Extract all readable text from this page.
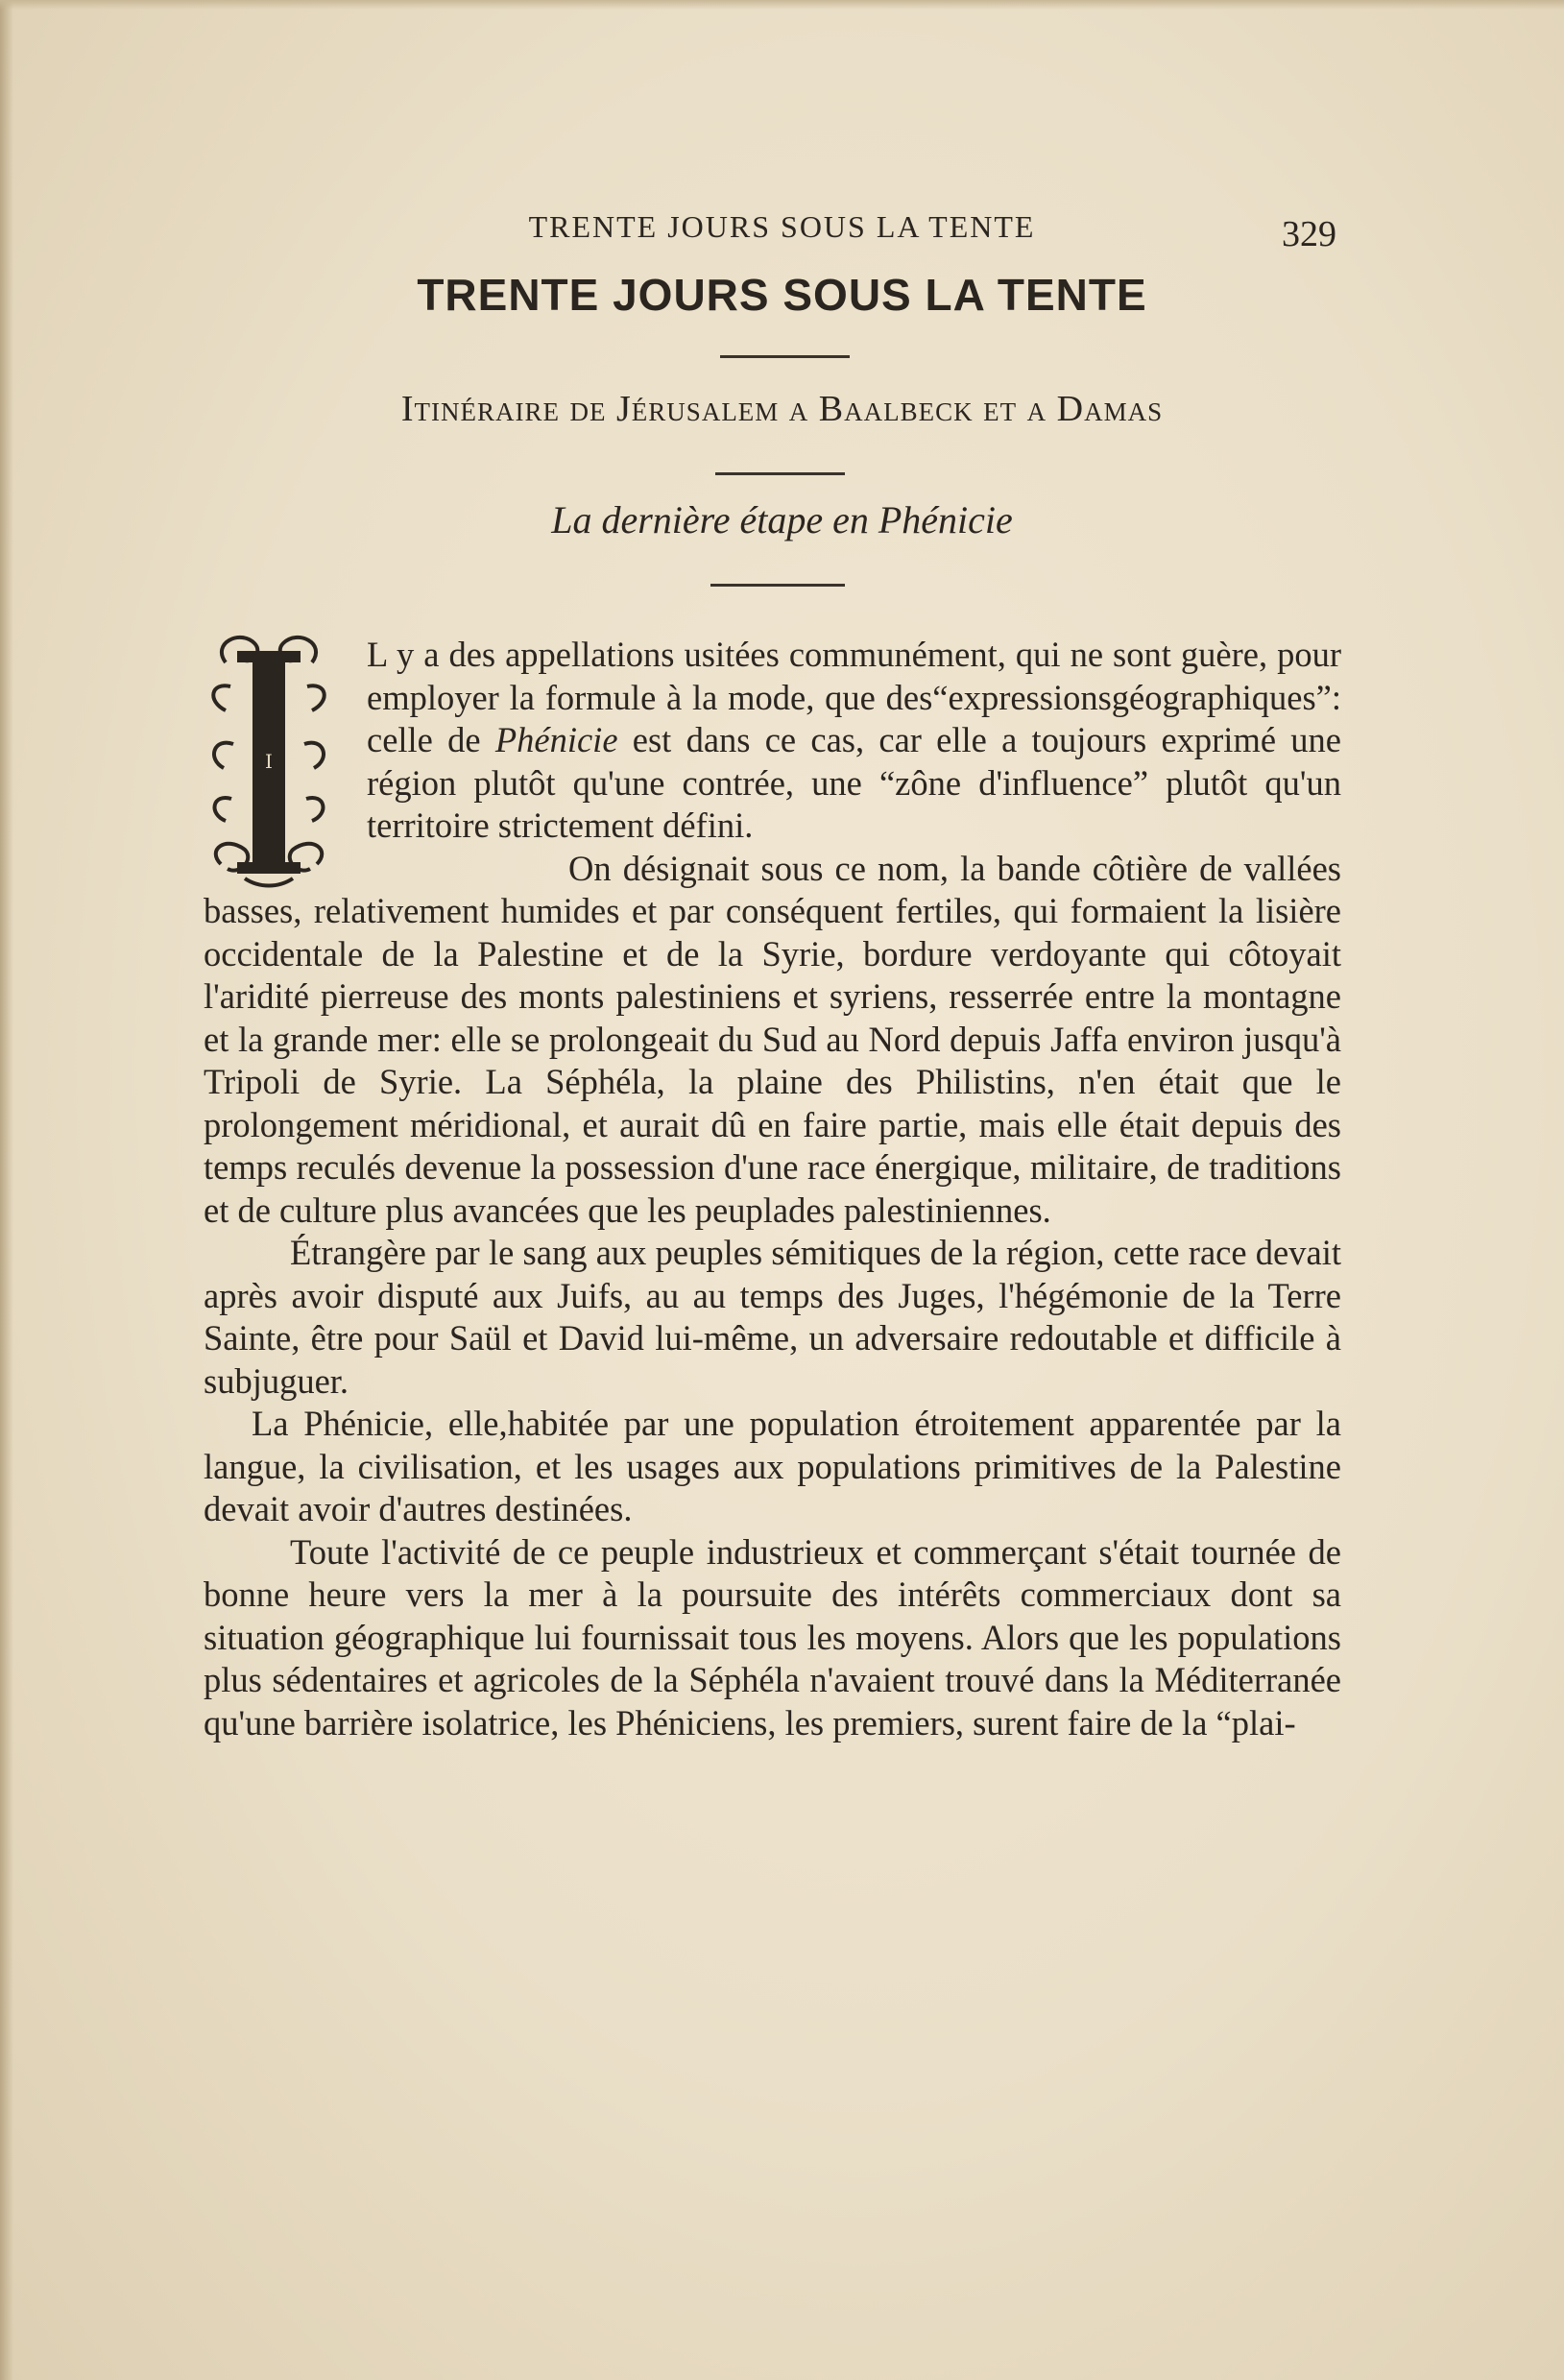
TRENTE JOURS SOUS LA TENTE	329
TRENTE JOURS SOUS LA TENTE
Itinéraire de Jérusalem a Baalbeck et a Damas
La dernière étape en Phénicie
I

L y a des appellations usitées communément, qui ne sont guère, pour employer la formule à la mode, que des“expressionsgéographiques”: celle de Phénicie est dans ce cas, car elle a toujours exprimé une région plutôt qu'une contrée, une “zône d'influence” plutôt qu'un territoire strictement défini.

On désignait sous ce nom, la bande côtière de vallées basses, relativement humides et par conséquent fertiles, qui formaient la lisière occidentale de la Palestine et de la Syrie, bordure verdoyante qui côtoyait l'aridité pierreuse des monts palestiniens et syriens, resserrée entre la montagne et la grande mer: elle se prolongeait du Sud au Nord depuis Jaffa environ jusqu'à Tripoli de Syrie. La Séphéla, la plaine des Philistins, n'en était que le prolongement méridional, et aurait dû en faire partie, mais elle était depuis des temps reculés devenue la possession d'une race énergique, militaire, de traditions et de culture plus avancées que les peuplades palestiniennes.

Étrangère par le sang aux peuples sémitiques de la région, cette race devait après avoir disputé aux Juifs, au au temps des Juges, l'hégémonie de la Terre Sainte, être pour Saül et David lui-même, un adversaire redoutable et difficile à subjuguer.

La Phénicie, elle,habitée par une population étroitement apparentée par la langue, la civilisation, et les usages aux populations primitives de la Palestine devait avoir d'autres destinées.

Toute l'activité de ce peuple industrieux et commerçant s'était tournée de bonne heure vers la mer à la poursuite des intérêts commerciaux dont sa situation géographique lui fournissait tous les moyens. Alors que les populations plus sédentaires et agricoles de la Séphéla n'avaient trouvé dans la Méditerranée qu'une barrière isolatrice, les Phéniciens, les premiers, surent faire de la “plai-
